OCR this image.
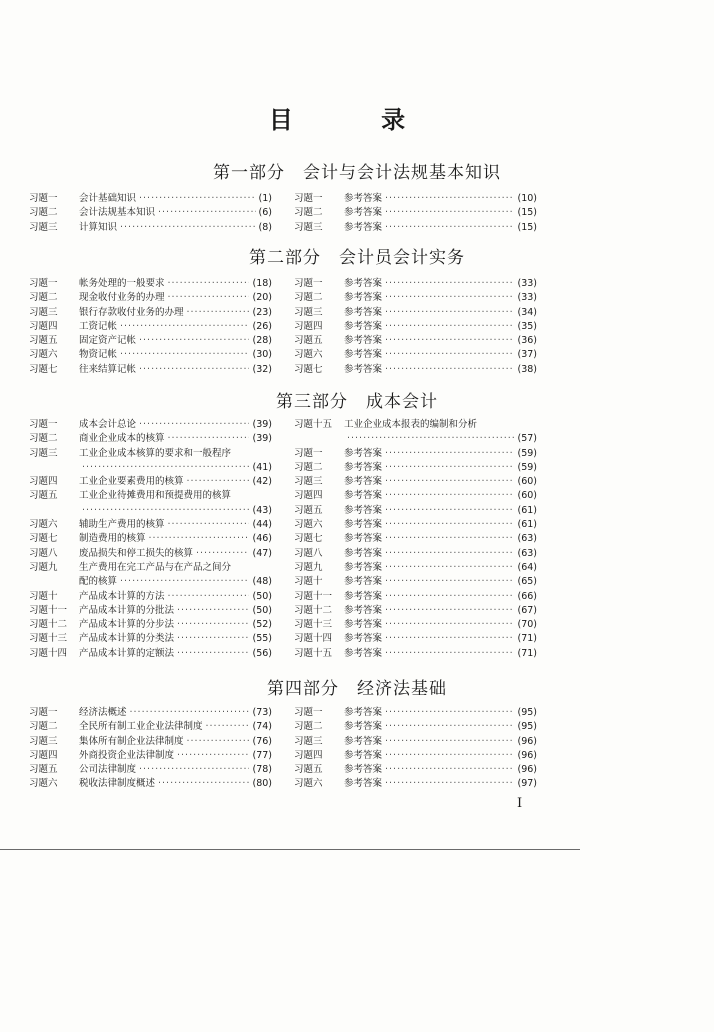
目 录
第一部分　会计与会计法规基本知识
习题一	会计基础知识 ·····	(1)
习题二	会计法规基本知识 ·····	(6)
习题三	计算知识 ·····	(8)
习题一	参考答案 ·····	(10)
习题二	参考答案 ·····	(15)
习题三	参考答案 ·····	(15)
第二部分　会计员会计实务
习题一	帐务处理的一般要求 ·····	(18)
习题二	现金收付业务的办理 ·····	(20)
习题三	银行存款收付业务的办理 ·····	(23)
习题四	工资记帐 ·····	(26)
习题五	固定资产记帐 ·····	(28)
习题六	物资记帐 ·····	(30)
习题七	往来结算记帐 ·····	(32)
习题一	参考答案 ·····	(33)
习题二	参考答案 ·····	(33)
习题三	参考答案 ·····	(34)
习题四	参考答案 ·····	(35)
习题五	参考答案 ·····	(36)
习题六	参考答案 ·····	(37)
习题七	参考答案 ·····	(38)
第三部分　成本会计
习题一	成本会计总论 ·····	(39)
习题二	商业企业成本的核算 ·····	(39)
习题三	工业企业成本核算的要求和一般程序
·····
(41)
习题四	工业企业要素费用的核算 ·····	(42)
习题五	工业企业待摊费用和预提费用的核算
·····
(43)
习题六	辅助生产费用的核算 ·····	(44)
习题七	制造费用的核算 ·····	(46)
习题八	废品损失和停工损失的核算 ·····	(47)
习题九	生产费用在完工产品与在产品之间分
配的核算 ·····	(48)
习题十	产品成本计算的方法 ·····	(50)
习题十一	产品成本计算的分批法 ·····	(50)
习题十二	产品成本计算的分步法 ·····	(52)
习题十三	产品成本计算的分类法 ·····	(55)
习题十四	产品成本计算的定额法 ·····	(56)
习题十五	工业企业成本报表的编制和分析
·····
(57)
习题一	参考答案 ·····	(59)
习题二	参考答案 ·····	(59)
习题三	参考答案 ·····	(60)
习题四	参考答案 ·····	(60)
习题五	参考答案 ·····	(61)
习题六	参考答案 ·····	(61)
习题七	参考答案 ·····	(63)
习题八	参考答案 ·····	(63)
习题九	参考答案 ·····	(64)
习题十	参考答案 ·····	(65)
习题十一	参考答案 ·····	(66)
习题十二	参考答案 ·····	(67)
习题十三	参考答案 ·····	(70)
习题十四	参考答案 ·····	(71)
习题十五	参考答案 ·····	(71)
第四部分　经济法基础
习题一	经济法概述 ·····	(73)
习题二	全民所有制工业企业法律制度 ·····	(74)
习题三	集体所有制企业法律制度 ·····	(76)
习题四	外商投资企业法律制度 ·····	(77)
习题五	公司法律制度 ·····	(78)
习题六	税收法律制度概述 ·····	(80)
习题一	参考答案 ·····	(95)
习题二	参考答案 ·····	(95)
习题三	参考答案 ·····	(96)
习题四	参考答案 ·····	(96)
习题五	参考答案 ·····	(96)
习题六	参考答案 ·····	(97)
I
